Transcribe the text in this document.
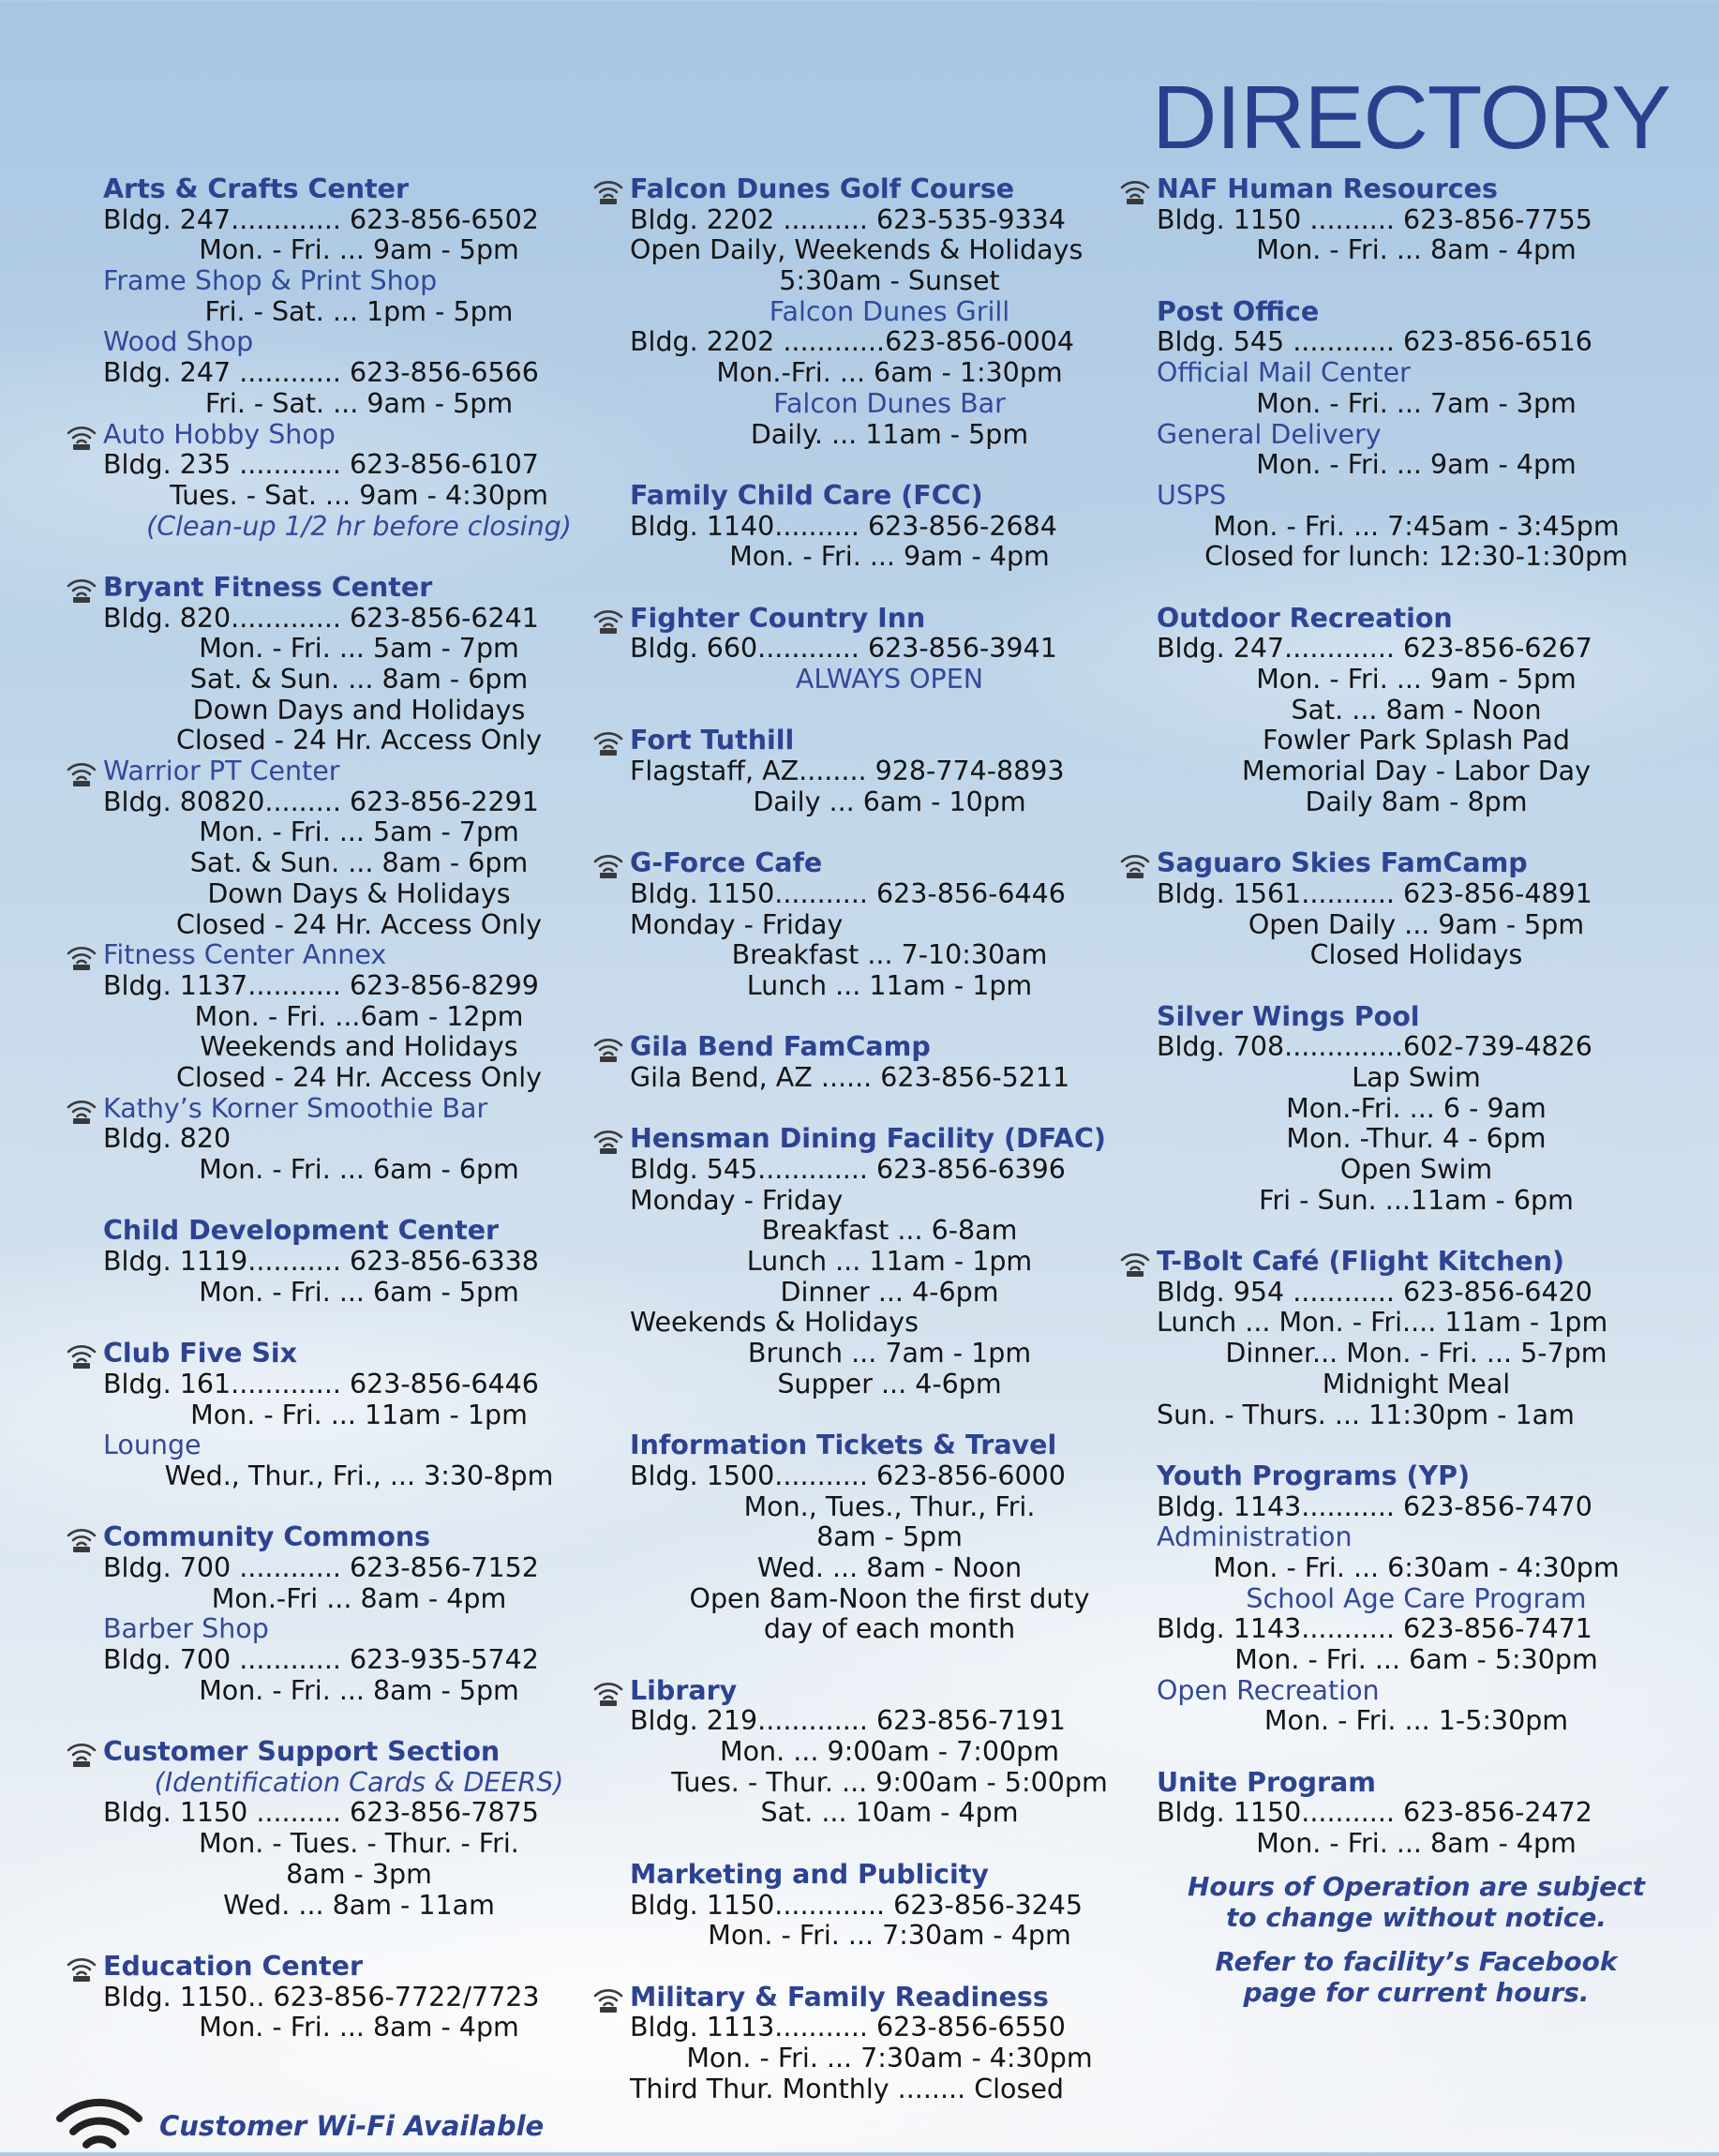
DIRECTORY
Arts & Crafts Center
Bldg. 247............. 623-856-6502
Mon. - Fri. ... 9am - 5pm
Frame Shop & Print Shop
Fri. - Sat. ... 1pm - 5pm
Wood Shop
Bldg. 247 ............ 623-856-6566
Fri. - Sat. ... 9am - 5pm
Auto Hobby Shop
Bldg. 235 ............ 623-856-6107
Tues. - Sat. ... 9am - 4:30pm
(Clean-up 1/2 hr before closing)
Bryant Fitness Center
Bldg. 820............. 623-856-6241
Mon. - Fri. ... 5am - 7pm
Sat. & Sun. ... 8am - 6pm
Down Days and Holidays
Closed - 24 Hr. Access Only
Warrior PT Center
Bldg. 80820......... 623-856-2291
Mon. - Fri. ... 5am - 7pm
Sat. & Sun. ... 8am - 6pm
Down Days & Holidays
Closed - 24 Hr. Access Only
Fitness Center Annex
Bldg. 1137........... 623-856-8299
Mon. - Fri. ...6am - 12pm
Weekends and Holidays
Closed - 24 Hr. Access Only
Kathy’s Korner Smoothie Bar
Bldg. 820
Mon. - Fri. ... 6am - 6pm
Child Development Center
Bldg. 1119........... 623-856-6338
Mon. - Fri. ... 6am - 5pm
Club Five Six
Bldg. 161............. 623-856-6446
Mon. - Fri. ... 11am - 1pm
Lounge
Wed., Thur., Fri., ... 3:30-8pm
Community Commons
Bldg. 700 ............ 623-856-7152
Mon.-Fri ... 8am - 4pm
Barber Shop
Bldg. 700 ............ 623-935-5742
Mon. - Fri. ... 8am - 5pm
Customer Support Section
(Identification Cards & DEERS)
Bldg. 1150 .......... 623-856-7875
Mon. - Tues. - Thur. - Fri.
8am - 3pm
Wed. ... 8am - 11am
Education Center
Bldg. 1150.. 623-856-7722/7723
Mon. - Fri. ... 8am - 4pm
Falcon Dunes Golf Course
Bldg. 2202 .......... 623-535-9334
Open Daily, Weekends & Holidays
5:30am - Sunset
Falcon Dunes Grill
Bldg. 2202 ............623-856-0004
Mon.-Fri. ... 6am - 1:30pm
Falcon Dunes Bar
Daily. ... 11am - 5pm
Family Child Care (FCC)
Bldg. 1140.......... 623-856-2684
Mon. - Fri. ... 9am - 4pm
Fighter Country Inn
Bldg. 660............ 623-856-3941
ALWAYS OPEN
Fort Tuthill
Flagstaff, AZ........ 928-774-8893
Daily ... 6am - 10pm
G-Force Cafe
Bldg. 1150........... 623-856-6446
Monday - Friday
Breakfast ... 7-10:30am
Lunch ... 11am - 1pm
Gila Bend FamCamp
Gila Bend, AZ ...... 623-856-5211
Hensman Dining Facility (DFAC)
Bldg. 545............. 623-856-6396
Monday - Friday
Breakfast ... 6-8am
Lunch ... 11am - 1pm
Dinner ... 4-6pm
Weekends & Holidays
Brunch ... 7am - 1pm
Supper ... 4-6pm
Information Tickets & Travel
Bldg. 1500........... 623-856-6000
Mon., Tues., Thur., Fri.
8am - 5pm
Wed. ... 8am - Noon
Open 8am-Noon the first duty
day of each month
Library
Bldg. 219............. 623-856-7191
Mon. ... 9:00am - 7:00pm
Tues. - Thur. ... 9:00am - 5:00pm
Sat. ... 10am - 4pm
Marketing and Publicity
Bldg. 1150............. 623-856-3245
Mon. - Fri. ... 7:30am - 4pm
Military & Family Readiness
Bldg. 1113........... 623-856-6550
Mon. - Fri. ... 7:30am - 4:30pm
Third Thur. Monthly ........ Closed
NAF Human Resources
Bldg. 1150 .......... 623-856-7755
Mon. - Fri. ... 8am - 4pm
Post Office
Bldg. 545 ............ 623-856-6516
Official Mail Center
Mon. - Fri. ... 7am - 3pm
General Delivery
Mon. - Fri. ... 9am - 4pm
USPS
Mon. - Fri. ... 7:45am - 3:45pm
Closed for lunch: 12:30-1:30pm
Outdoor Recreation
Bldg. 247............. 623-856-6267
Mon. - Fri. ... 9am - 5pm
Sat. ... 8am - Noon
Fowler Park Splash Pad
Memorial Day - Labor Day
Daily 8am - 8pm
Saguaro Skies FamCamp
Bldg. 1561........... 623-856-4891
Open Daily ... 9am - 5pm
Closed Holidays
Silver Wings Pool
Bldg. 708..............602-739-4826
Lap Swim
Mon.-Fri. ... 6 - 9am
Mon. -Thur. 4 - 6pm
Open Swim
Fri - Sun. ...11am - 6pm
T-Bolt Café (Flight Kitchen)
Bldg. 954 ............ 623-856-6420
Lunch ... Mon. - Fri.... 11am - 1pm
Dinner... Mon. - Fri. ... 5-7pm
Midnight Meal
Sun. - Thurs. ... 11:30pm - 1am
Youth Programs (YP)
Bldg. 1143........... 623-856-7470
Administration
Mon. - Fri. ... 6:30am - 4:30pm
School Age Care Program
Bldg. 1143........... 623-856-7471
Mon. - Fri. ... 6am - 5:30pm
Open Recreation
Mon. - Fri. ... 1-5:30pm
Unite Program
Bldg. 1150........... 623-856-2472
Mon. - Fri. ... 8am - 4pm
Hours of Operation are subject
to change without notice.
Refer to facility’s Facebook
page for current hours.
Customer Wi-Fi Available
